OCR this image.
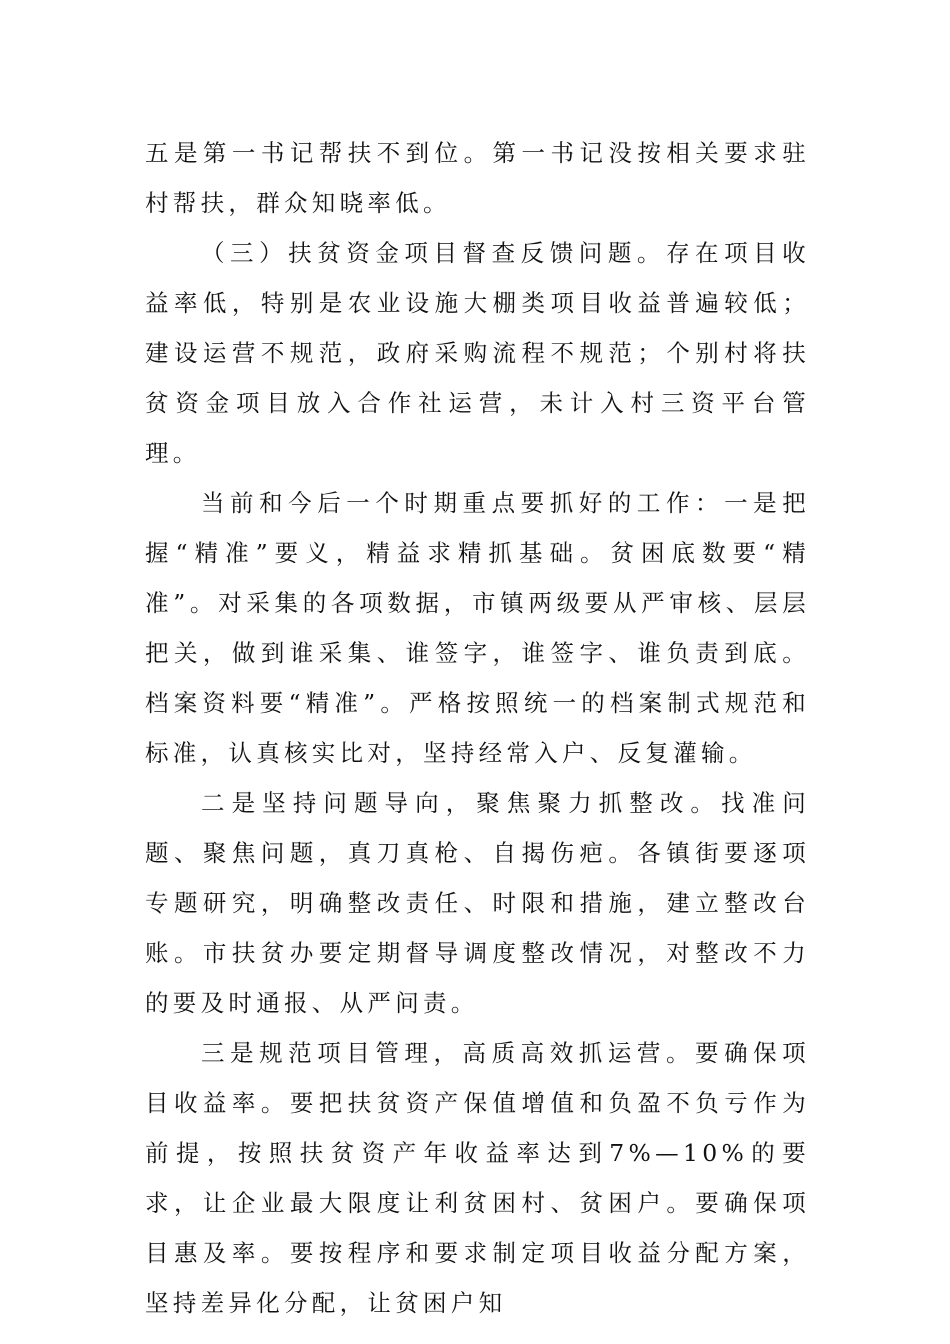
五是第一书记帮扶不到位。第一书记没按相关要求驻村帮扶，群众知晓率低。

（三）扶贫资金项目督查反馈问题。存在项目收益率低，特别是农业设施大棚类项目收益普遍较低；建设运营不规范，政府采购流程不规范；个别村将扶贫资金项目放入合作社运营，未计入村三资平台管理。

当前和今后一个时期重点要抓好的工作：一是把握“精准”要义，精益求精抓基础。贫困底数要“精准”。对采集的各项数据，市镇两级要从严审核、层层把关，做到谁采集、谁签字，谁签字、谁负责到底。档案资料要“精准”。严格按照统一的档案制式规范和标准，认真核实比对，坚持经常入户、反复灌输。

二是坚持问题导向，聚焦聚力抓整改。找准问题、聚焦问题，真刀真枪、自揭伤疤。各镇街要逐项专题研究，明确整改责任、时限和措施，建立整改台账。市扶贫办要定期督导调度整改情况，对整改不力的要及时通报、从严问责。

三是规范项目管理，高质高效抓运营。要确保项目收益率。要把扶贫资产保值增值和负盈不负亏作为前提，按照扶贫资产年收益率达到7%—10%的要求，让企业最大限度让利贫困村、贫困户。要确保项目惠及率。要按程序和要求制定项目收益分配方案，坚持差异化分配，让贫困户知
